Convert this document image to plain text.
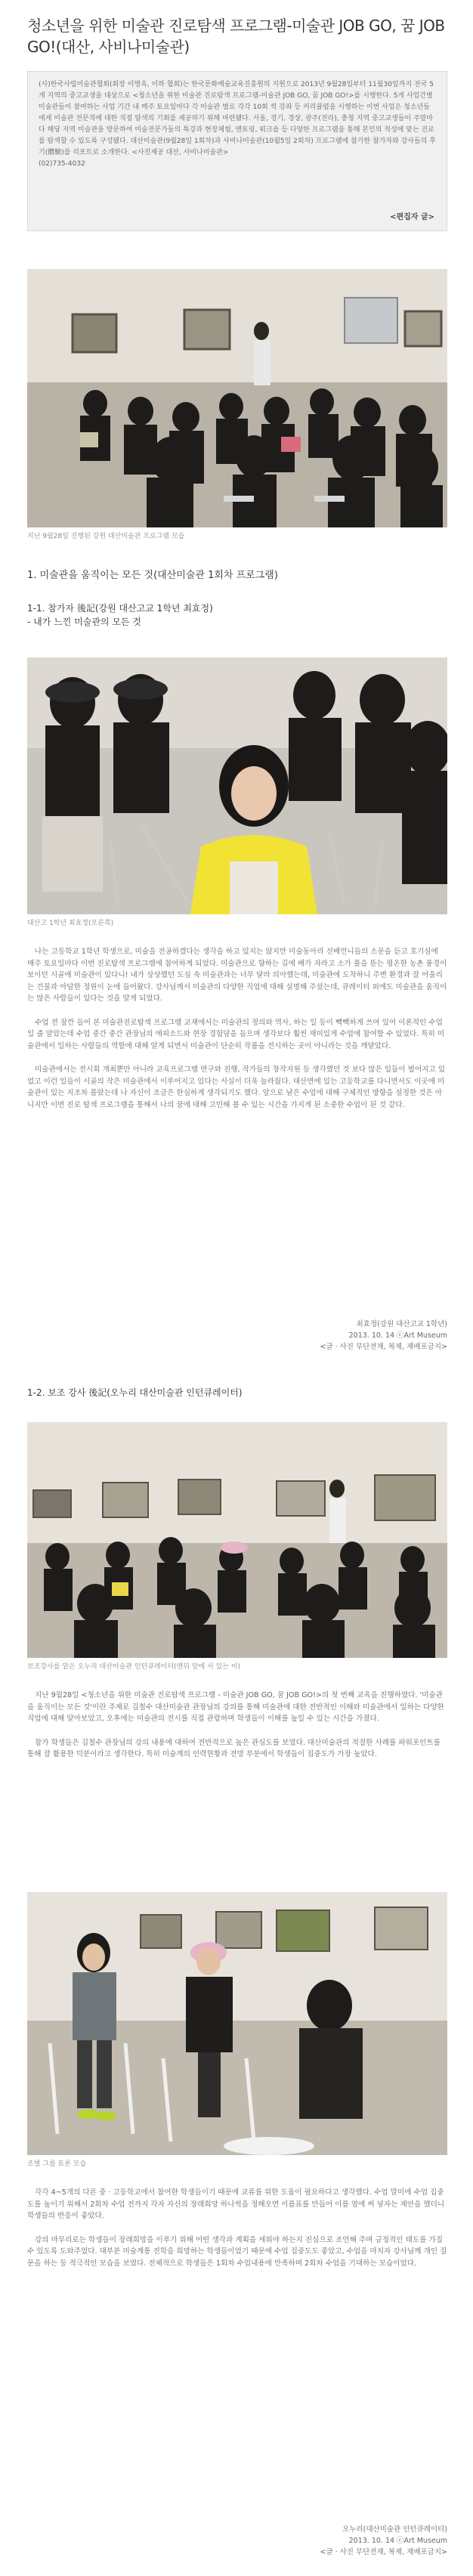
청소년을 위한 미술관 진로탐색 프로그램-미술관 JOB GO, 꿈 JOB GO!(대산, 사비나미술관)
(사)한국사립미술관협회(회장 이명옥, 이하 협회)는 한국문화예술교육진흥원의 지원으로 2013년 9월28일부터 11월30일까지 전국 5개 지역의 중고교생을 대상으로 <청소년을 위한 미술관 진로탐색 프로그램-미술관 JOB GO, 꿈 JOB GO!>를 시행한다. 5개 사업간별 미술관들이 참여하는 사업 기간 내 매주 토요일마다 각 미술관 별로 각각 10회 씩 강좌 등 커리큘럼을 시행하는 이번 사업은 청소년들에게 미술관 전문직에 대한 직접 탐색의 기회를 제공하기 위해 마련됐다. 서울, 경기, 경상, 광주(전라), 충청 지역 중고교생들이 주말마다 해당 지역 미술관을 방문하여 미술전문가들의 특강과 현장체험, 멘토링, 워크숍 등 다양한 프로그램을 통해 본인의 적성에 맞는 진로를 탐색할 수 있도록 구성됐다. 대산미술관(9월28일 1회차)과 사비나미술관(10월5일 2회차) 프로그램에 참가한 참가자와 강사들의 후기(體驗)를 리포트로 소개한다. <사진제공 대산, 사비나미술관>
(02)735-4032
<편집자 글>
지난 9월28일 진행된 강원 대산미술관 프로그램 모습
1. 미술관을 움직이는 모든 것(대산미술관 1회차 프로그램)
1-1. 참가자 後記(강원 대산고교 1학년 최효정)
- 내가 느낀 미술관의 모든 것
대산고 1학년 최효정(오른쪽)

나는 고등학교 1학년 학생으로, 미술을 전공하겠다는 생각을 하고 있지는 않지만 미술동아리 선배언니들의 소문을 듣고 호기심에 매주 토요일마다 이번 진로탐색 프로그램에 참여하게 되었다. 미술관으로 향하는 길에 배가 자라고 소가 풀을 뜯는 평온한 농촌 풍경이 보이던 시골에 미술관이 있다니! 내가 상상했던 도심 속 미술관과는 너무 달라 의아했는데, 미술관에 도착하니 주변 환경과 잘 어울리는 건물과 아담한 정원이 눈에 들어왔다. 강사님께서 미술관의 다양한 직업에 대해 설명해 주셨는데, 큐레이터 외에도 미술관을 움직이는 많은 사람들이 있다는 것을 알게 되었다.

수업 전 잠깐 들어 본 미술관진로탐색 프로그램 교재에서는 미술관의 정의와 역사, 하는 일 등이 빽빽하게 쓰여 있어 이론적인 수업일 줄 알았는데 수업 중간 중간 관장님의 에피소드와 현장 경험담을 들으며 생각보다 훨씬 재미있게 수업에 참여할 수 있었다. 특히 미술관에서 일하는 사람들의 역할에 대해 알게 되면서 미술관이 단순히 작품을 전시하는 곳이 아니라는 것을 깨달았다.

미술관에서는 전시회 개최뿐만 아니라 교육프로그램 연구와 진행, 작가들의 창작지원 등 생각했던 것 보다 많은 일들이 벌어지고 있었고 이런 일들이 시골의 작은 미술관에서 이루어지고 있다는 사실이 더욱 놀라웠다. 대산면에 있는 고등학교를 다니면서도 이곳에 미술관이 있는 지조차 몰랐는데 나 자신이 조금은 한심하게 생각되기도 했다. 앞으로 남은 수업에 대해 구체적인 방향을 설정한 것은 아니지만 이번 진로 탐색 프로그램을 통해서 나의 꿈에 대해 고민해 볼 수 있는 시간을 가지게 된 소중한 수업이 된 것 같다.

최효정(강원 대산고교 1학년)
2013. 10. 14 ⓒArt Museum
<글 · 사진 무단전재, 복제, 재배포금지>
1-2. 보조 강사 後記(오누리 대산미술관 인턴큐레이터)
보조강사를 맡은 오누리 대산미술관 인턴큐레이터(맨뒤 앞에 서 있는 이)

지난 9월28일 <청소년을 위한 미술관 진로탐색 프로그램 - 미술관 JOB GO, 꿈 JOB GO!>의 첫 번째 교육을 진행하였다. '미술관을 움직이는 모든 것'이란 주제로 김철수 대산미술관 관장님의 강의를 통해 미술관에 대한 전반적인 이해와 미술관에서 일하는 다양한 직업에 대해 알아보았고, 오후에는 미술관의 전시를 직접 관람하며 학생들이 이해를 높일 수 있는 시간을 가졌다.

참가 학생들은 김철수 관장님의 강의 내용에 대하여 전반적으로 높은 관심도를 보였다. 대산미술관의 적절한 사례를 파워포인트를 통해 잘 활용한 덕분이라고 생각한다. 특히 미술계의 인력현황과 전망 부분에서 학생들이 집중도가 가장 높았다.

조별 그룹 토론 모습

각각 4~5개의 다른 중 · 고등학교에서 참여한 학생들이기 때문에 교류를 위한 도움이 필요하다고 생각했다. 수업 말미에 수업 집중도를 높이기 위해서 2회차 수업 전까지 각자 자신의 장래희망 하나씩을 정해오면 이름표를 만들어 이름 옆에 써 넣자는 제안을 했더니 학생들의 반응이 좋았다.

강의 마무리로는 학생들이 장래희망을 이루기 위해 어떤 생각과 계획을 세워야 하는지 진심으로 조언해 주며 긍정적인 태도를 가질 수 있도록 도와주었다. 대부분 미술계통 진학을 희망하는 학생들이었기 때문에 수업 집중도도 좋았고, 수업을 마치자 강사님께 개인 질문을 하는 등 적극적인 모습을 보였다. 전체적으로 학생들은 1회차 수업내용에 만족하며 2회차 수업을 기대하는 모습이었다.

오누리(대산미술관 인턴큐레이터)
2013. 10. 14 ⓒArt Museum
<글 · 사진 무단전재, 복제, 재배포금지>
